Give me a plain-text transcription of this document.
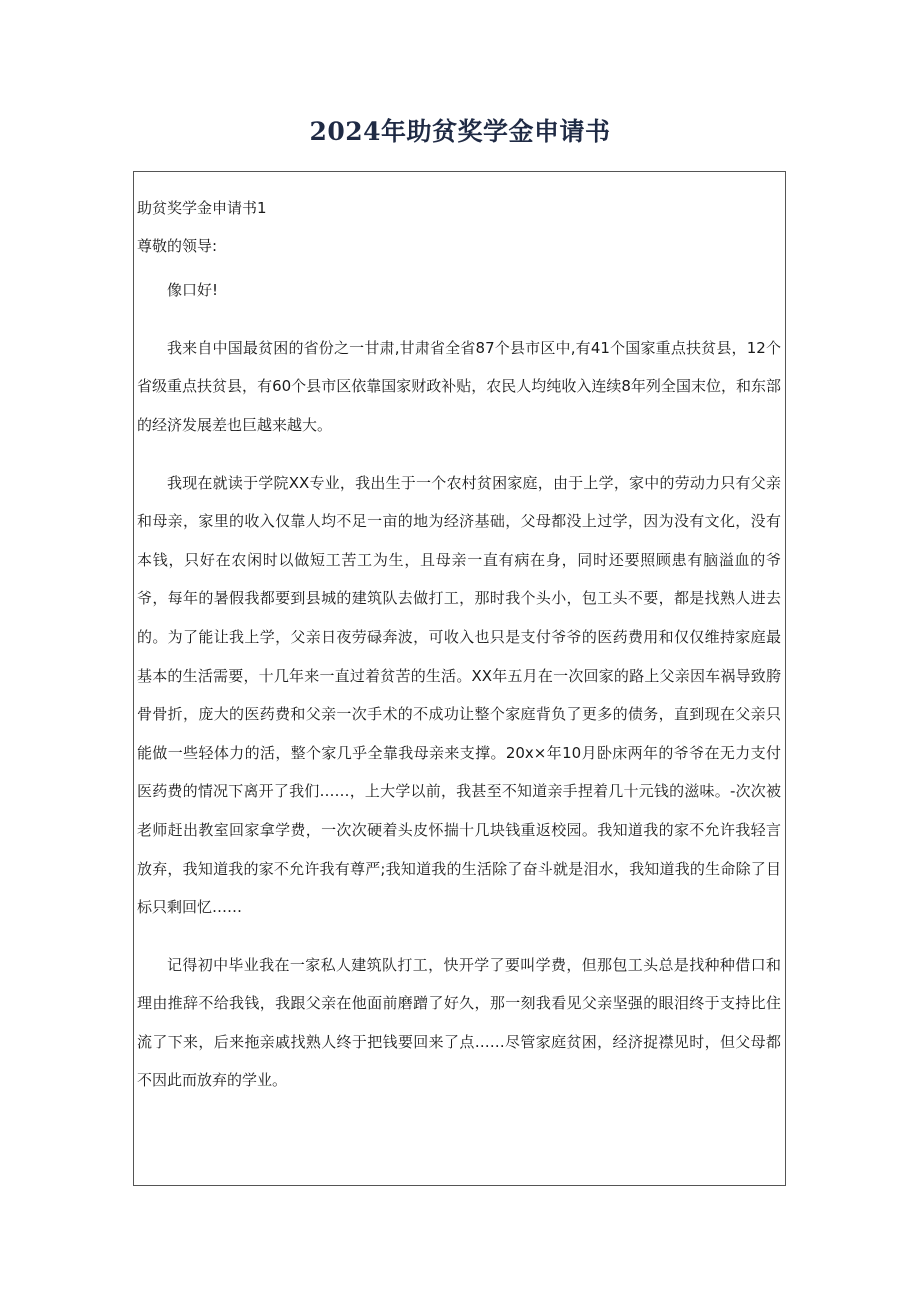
2024年助贫奖学金申请书

助贫奖学金申请书1

尊敬的领导:

像口好!

我来自中国最贫困的省份之一甘肃,甘肃省全省87个县市区中,有41个国家重点扶贫县，12个省级重点扶贫县，有60个县市区依靠国家财政补贴，农民人均纯收入连续8年列全国末位，和东部的经济发展差也巨越来越大。

我现在就读于学院XX专业，我出生于一个农村贫困家庭，由于上学，家中的劳动力只有父亲和母亲，家里的收入仅靠人均不足一亩的地为经济基础，父母都没上过学，因为没有文化，没有本钱，只好在农闲时以做短工苦工为生，且母亲一直有病在身，同时还要照顾患有脑溢血的爷爷，每年的暑假我都要到县城的建筑队去做打工，那时我个头小，包工头不要，都是找熟人进去的。为了能让我上学，父亲日夜劳碌奔波，可收入也只是支付爷爷的医药费用和仅仅维持家庭最基本的生活需要，十几年来一直过着贫苦的生活。XX年五月在一次回家的路上父亲因车祸导致胯骨骨折，庞大的医药费和父亲一次手术的不成功让整个家庭背负了更多的债务，直到现在父亲只能做一些轻体力的活，整个家几乎全靠我母亲来支撑。20x×年10月卧床两年的爷爷在无力支付医药费的情况下离开了我们……，上大学以前，我甚至不知道亲手捏着几十元钱的滋味。-次次被老师赶出教室回家拿学费，一次次硬着头皮怀揣十几块钱重返校园。我知道我的家不允许我轻言放弃，我知道我的家不允许我有尊严;我知道我的生活除了奋斗就是泪水，我知道我的生命除了目标只剩回忆……

记得初中毕业我在一家私人建筑队打工，快开学了要叫学费，但那包工头总是找种种借口和理由推辞不给我钱，我跟父亲在他面前磨蹭了好久，那一刻我看见父亲坚强的眼泪终于支持比住流了下来，后来拖亲戚找熟人终于把钱要回来了点……尽管家庭贫困，经济捉襟见时，但父母都不因此而放弃的学业。
